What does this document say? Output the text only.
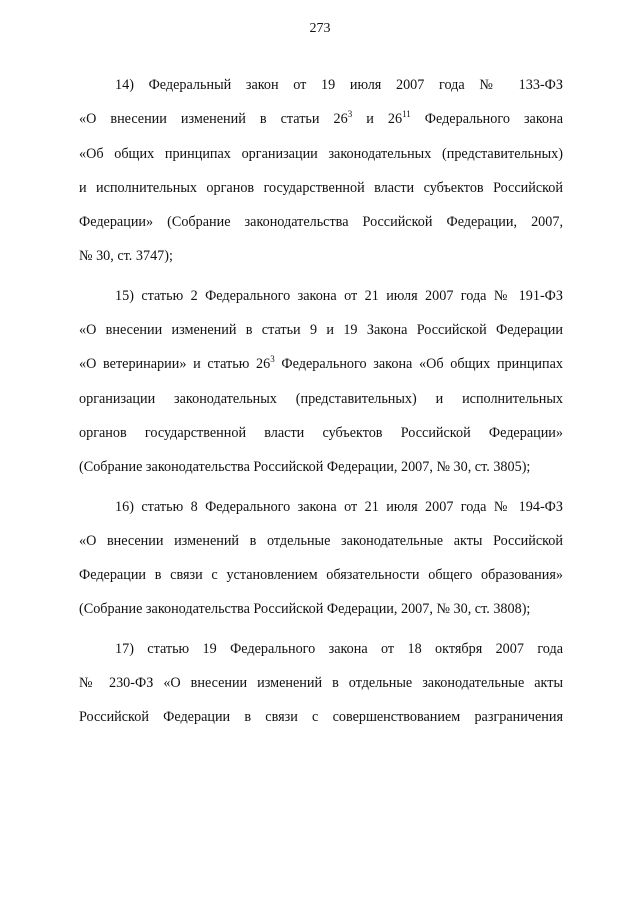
273
14) Федеральный закон от 19 июля 2007 года № 133-ФЗ
«О внесении изменений в статьи $26^3$ и $26^{11}$ Федерального закона
«Об общих принципах организации законодательных (представительных)
и исполнительных органов государственной власти субъектов Российской
Федерации» (Собрание законодательства Российской Федерации, 2007,
№ 30, ст. 3747);
15) статью 2 Федерального закона от 21 июля 2007 года № 191-ФЗ
«О внесении изменений в статьи 9 и 19 Закона Российской Федерации
«О ветеринарии» и статью $26^3$ Федерального закона «Об общих принципах
организации законодательных (представительных) и исполнительных
органов государственной власти субъектов Российской Федерации»
(Собрание законодательства Российской Федерации, 2007, № 30, ст. 3805);
16) статью 8 Федерального закона от 21 июля 2007 года № 194-ФЗ
«О внесении изменений в отдельные законодательные акты Российской
Федерации в связи с установлением обязательности общего образования»
(Собрание законодательства Российской Федерации, 2007, № 30, ст. 3808);
17) статью 19 Федерального закона от 18 октября 2007 года
№ 230-ФЗ «О внесении изменений в отдельные законодательные акты
Российской Федерации в связи с совершенствованием разграничения
